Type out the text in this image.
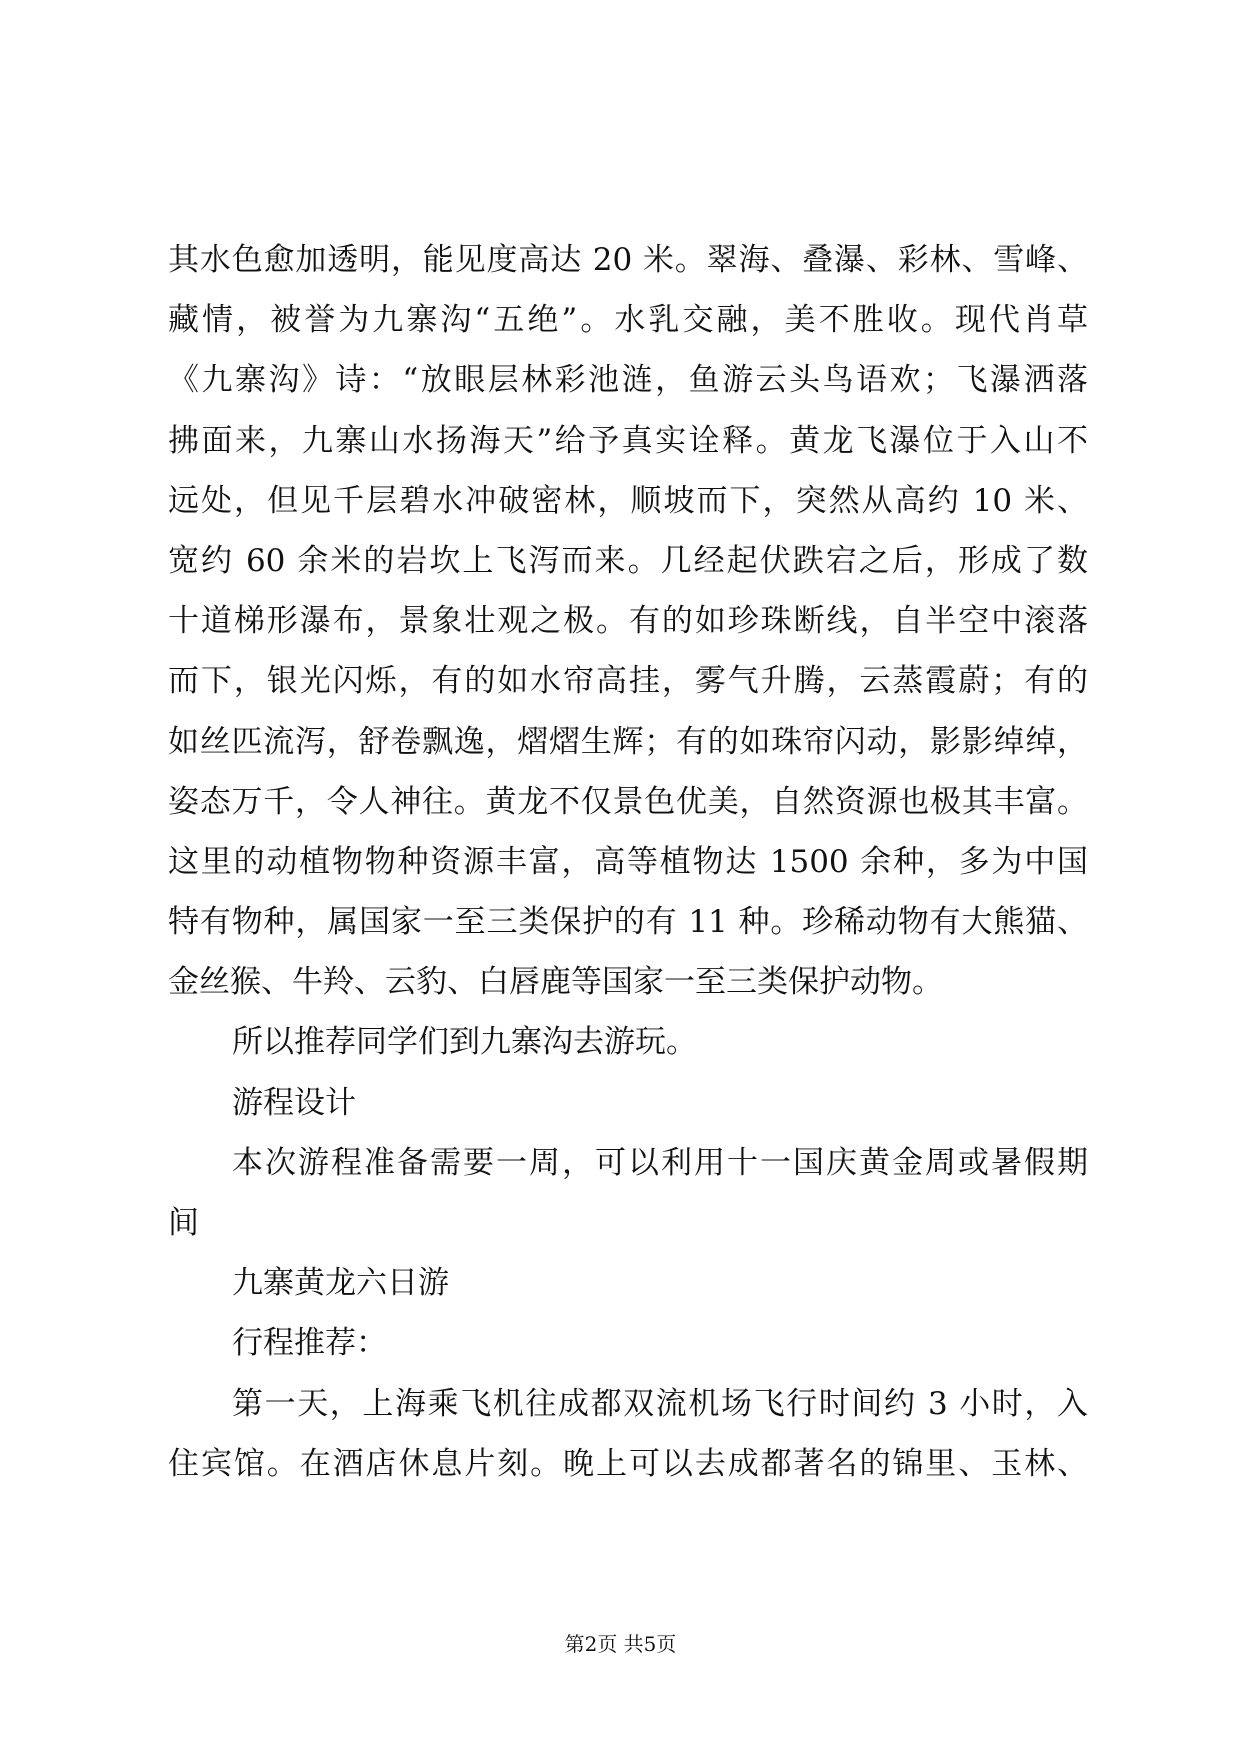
其水色愈加透明，能见度高达 20 米。翠海、叠瀑、彩林、雪峰、
藏情，被誉为九寨沟“五绝”。水乳交融，美不胜收。现代肖草
《九寨沟》诗：“放眼层林彩池涟，鱼游云头鸟语欢；飞瀑洒落
拂面来，九寨山水扬海天”给予真实诠释。黄龙飞瀑位于入山不
远处，但见千层碧水冲破密林，顺坡而下，突然从高约 10 米、
宽约 60 余米的岩坎上飞泻而来。几经起伏跌宕之后，形成了数
十道梯形瀑布，景象壮观之极。有的如珍珠断线，自半空中滚落
而下，银光闪烁，有的如水帘高挂，雾气升腾，云蒸霞蔚；有的
如丝匹流泻，舒卷飘逸，熠熠生辉；有的如珠帘闪动，影影绰绰，
姿态万千，令人神往。黄龙不仅景色优美，自然资源也极其丰富。
这里的动植物物种资源丰富，高等植物达 1500 余种，多为中国
特有物种，属国家一至三类保护的有 11 种。珍稀动物有大熊猫、
金丝猴、牛羚、云豹、白唇鹿等国家一至三类保护动物。
所以推荐同学们到九寨沟去游玩。
游程设计
本次游程准备需要一周，可以利用十一国庆黄金周或暑假期
间
九寨黄龙六日游
行程推荐：
第一天，上海乘飞机往成都双流机场飞行时间约 3 小时，入
住宾馆。在酒店休息片刻。晚上可以去成都著名的锦里、玉林、
第2页 共5页
